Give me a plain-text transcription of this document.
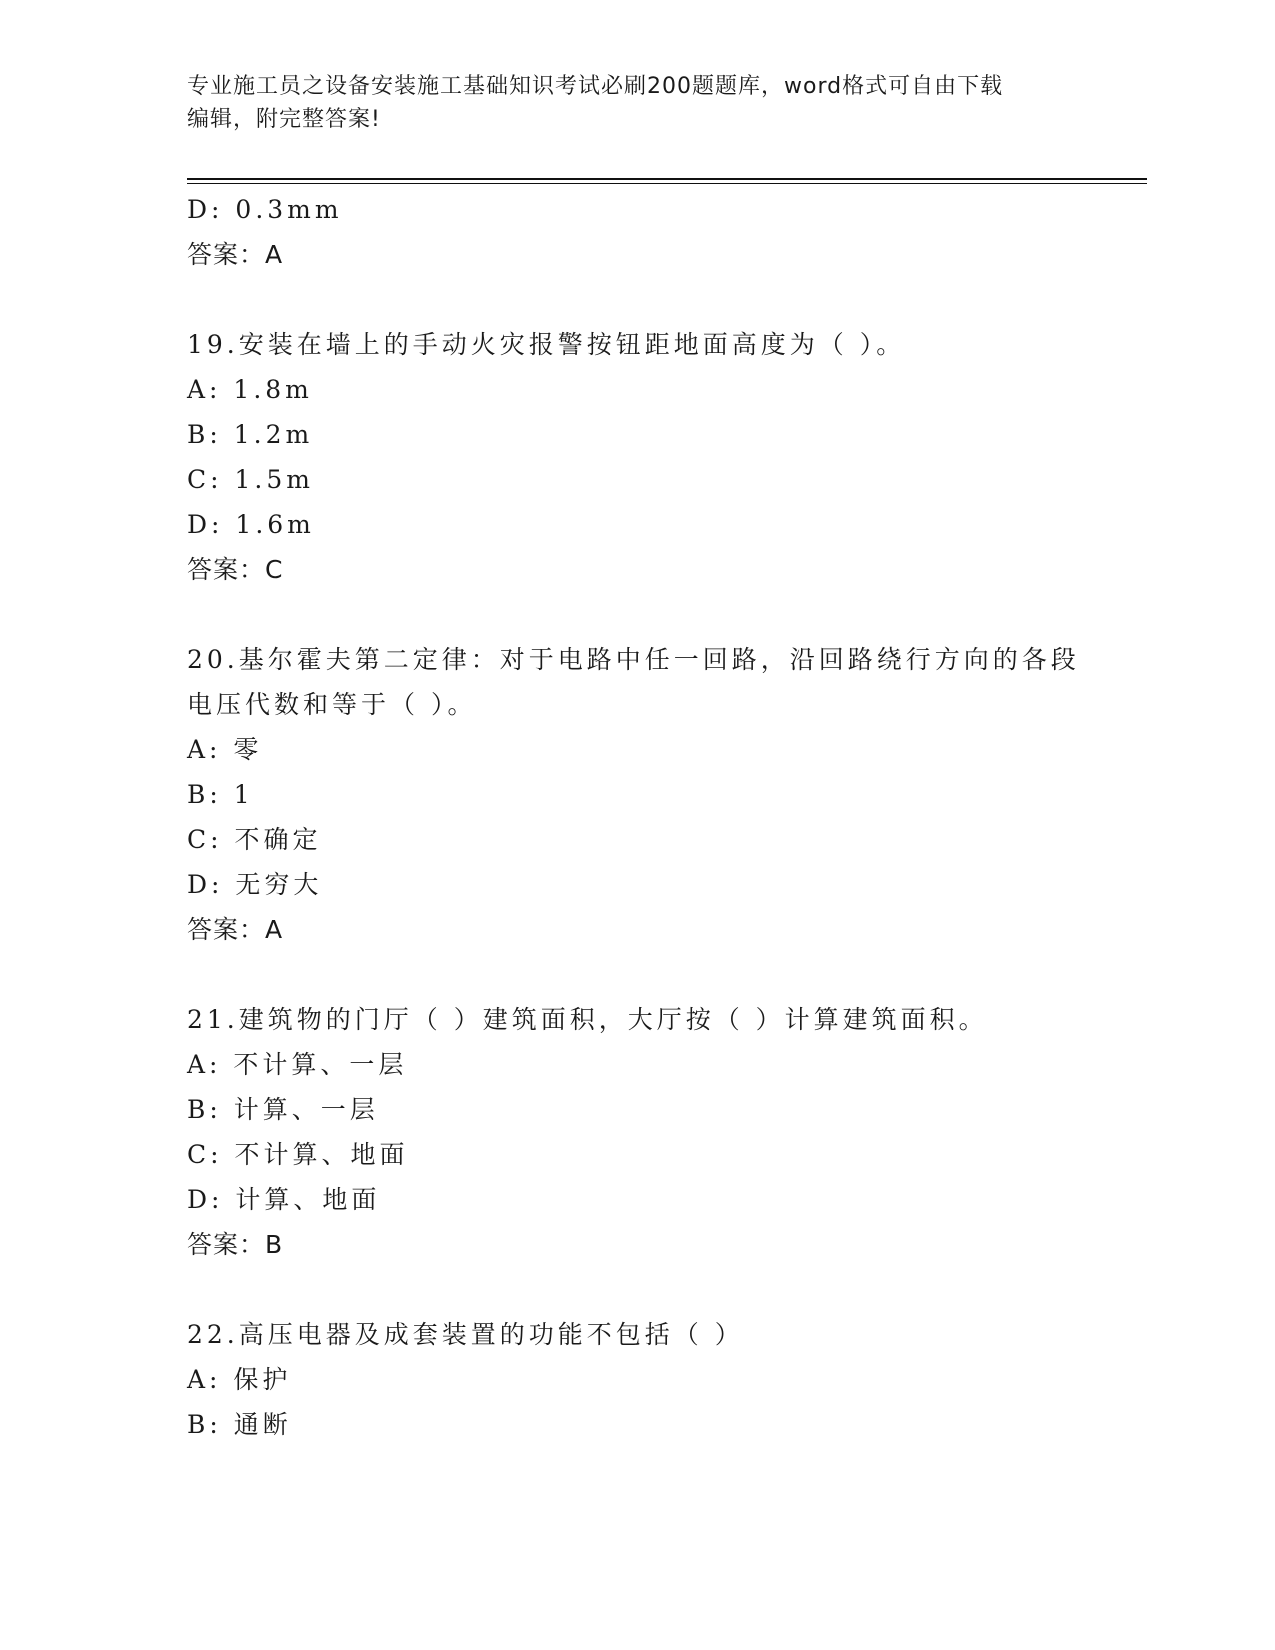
专业施工员之设备安装施工基础知识考试必刷200题题库，word格式可自由下载
编辑，附完整答案!
D: 0.3mm
答案：A
19.安装在墙上的手动火灾报警按钮距地面高度为（ ）。
A: 1.8m
B: 1.2m
C: 1.5m
D: 1.6m
答案：C
20.基尔霍夫第二定律：对于电路中任一回路，沿回路绕行方向的各段
电压代数和等于（ ）。
A: 零
B: 1
C: 不确定
D: 无穷大
答案：A
21.建筑物的门厅（ ）建筑面积，大厅按（ ）计算建筑面积。
A: 不计算、一层
B: 计算、一层
C: 不计算、地面
D: 计算、地面
答案：B
22.高压电器及成套装置的功能不包括（ ）
A: 保护
B: 通断
